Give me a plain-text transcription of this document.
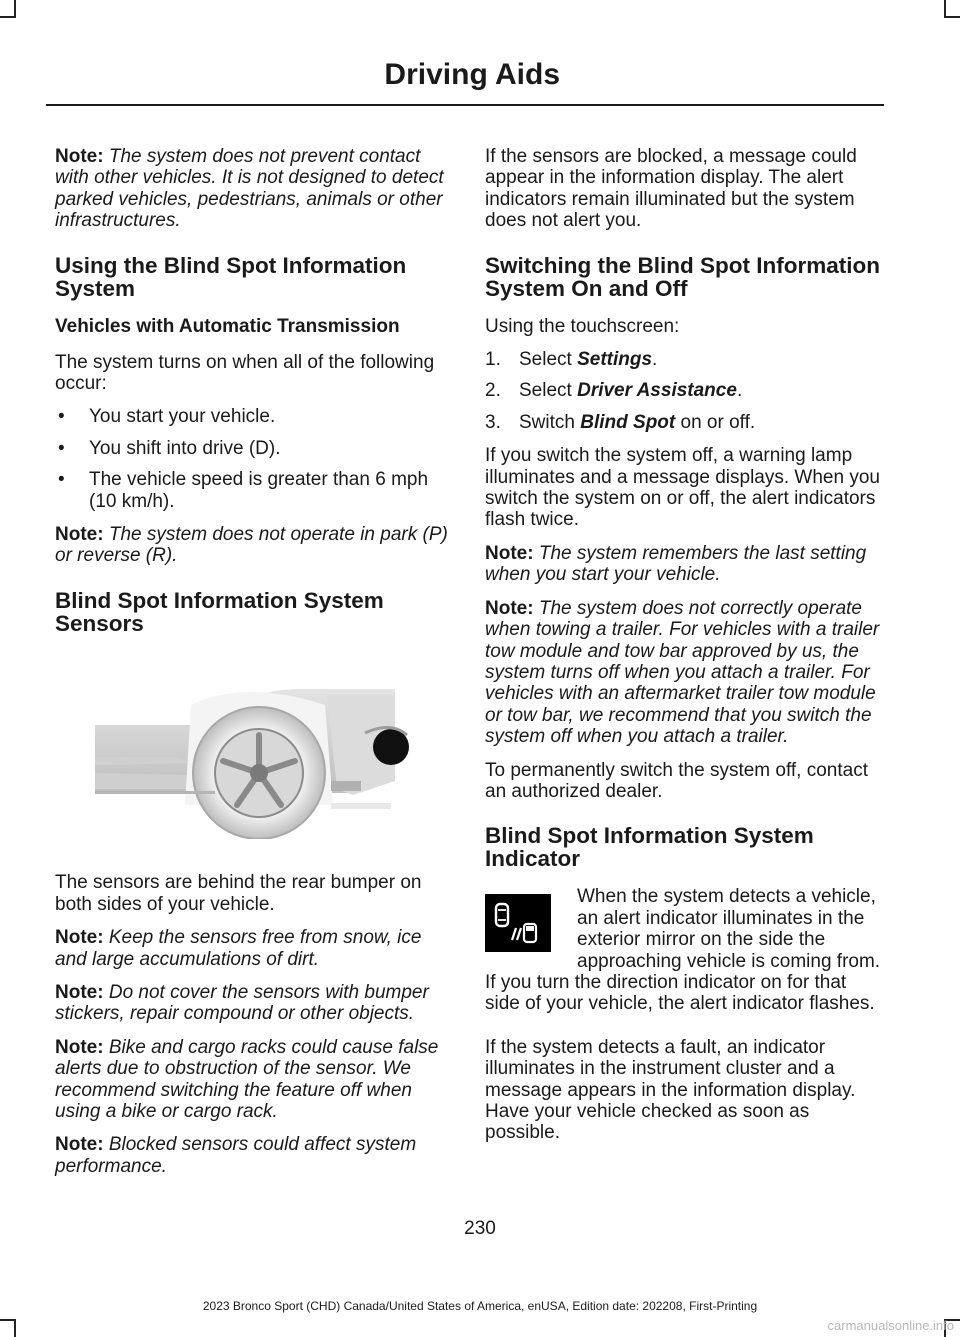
Driving Aids

Note: The system does not prevent contact with other vehicles. It is not designed to detect parked vehicles, pedestrians, animals or other infrastructures.

Using the Blind Spot Information System
Vehicles with Automatic Transmission

The system turns on when all of the following occur:

• You start your vehicle.
• You shift into drive (D).
• The vehicle speed is greater than 6 mph (10 km/h).

Note: The system does not operate in park (P) or reverse (R).

Blind Spot Information System Sensors

The sensors are behind the rear bumper on both sides of your vehicle.

Note: Keep the sensors free from snow, ice and large accumulations of dirt.

Note: Do not cover the sensors with bumper stickers, repair compound or other objects.

Note: Bike and cargo racks could cause false alerts due to obstruction of the sensor. We recommend switching the feature off when using a bike or cargo rack.

Note: Blocked sensors could affect system performance.

If the sensors are blocked, a message could appear in the information display. The alert indicators remain illuminated but the system does not alert you.

Switching the Blind Spot Information System On and Off

Using the touchscreen:

1. Select Settings.
2. Select Driver Assistance.
3. Switch Blind Spot on or off.

If you switch the system off, a warning lamp illuminates and a message displays. When you switch the system on or off, the alert indicators flash twice.

Note: The system remembers the last setting when you start your vehicle.

Note: The system does not correctly operate when towing a trailer. For vehicles with a trailer tow module and tow bar approved by us, the system turns off when you attach a trailer. For vehicles with an aftermarket trailer tow module or tow bar, we recommend that you switch the system off when you attach a trailer.

To permanently switch the system off, contact an authorized dealer.

Blind Spot Information System Indicator

When the system detects a vehicle, an alert indicator illuminates in the exterior mirror on the side the approaching vehicle is coming from. If you turn the direction indicator on for that side of your vehicle, the alert indicator flashes.

If the system detects a fault, an indicator illuminates in the instrument cluster and a message appears in the information display. Have your vehicle checked as soon as possible.

230
2023 Bronco Sport (CHD) Canada/United States of America, enUSA, Edition date: 202208, First-Printing
carmanualsonline.info
